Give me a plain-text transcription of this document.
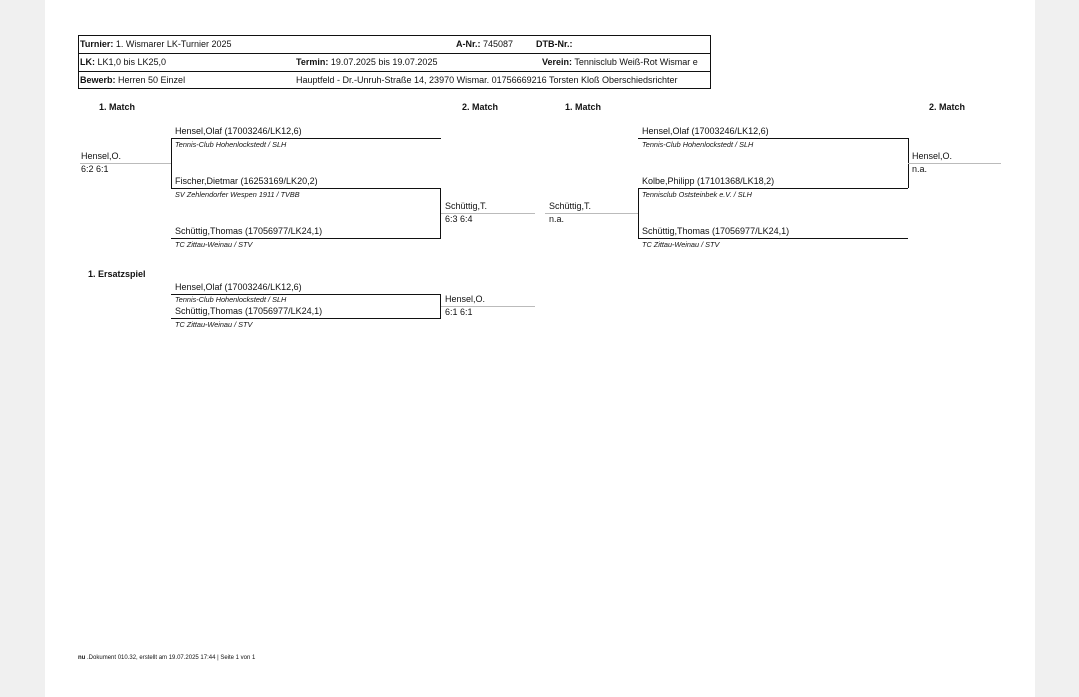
Turnier: 1. Wismarer LK-Turnier 2025	A-Nr.: 745087	DTB-Nr.:
LK: LK1,0 bis LK25,0	Termin: 19.07.2025 bis 19.07.2025	Verein: Tennisclub Weiß-Rot Wismar e
Bewerb: Herren 50 Einzel	Hauptfeld - Dr.-Unruh-Straße 14, 23970 Wismar. 01756669216 Torsten Kloß Oberschiedsrichter
1. Match	2. Match	1. Match	2. Match
Hensel,Olaf (17003246/LK12,6)
Tennis-Club Hohenlockstedt / SLH
Fischer,Dietmar (16253169/LK20,2)
SV Zehlendorfer Wespen 1911 / TVBB
Hensel,O.
6:2 6:1
Schüttig,Thomas (17056977/LK24,1)
TC Zittau-Weinau / STV
Schüttig,T.
6:3 6:4
Hensel,Olaf (17003246/LK12,6)
Tennis-Club Hohenlockstedt / SLH
Kolbe,Philipp (17101368/LK18,2)
Tennisclub Oststeinbek e.V. / SLH
Schüttig,Thomas (17056977/LK24,1)
TC Zittau-Weinau / STV
Schüttig,T.
n.a.
Hensel,O.
n.a.
1. Ersatzspiel
Hensel,Olaf (17003246/LK12,6)
Tennis-Club Hohenlockstedt / SLH
Schüttig,Thomas (17056977/LK24,1)
TC Zittau-Weinau / STV
Hensel,O.
6:1 6:1
nu .Dokument 010.32, erstellt am 19.07.2025 17:44 | Seite 1 von 1
